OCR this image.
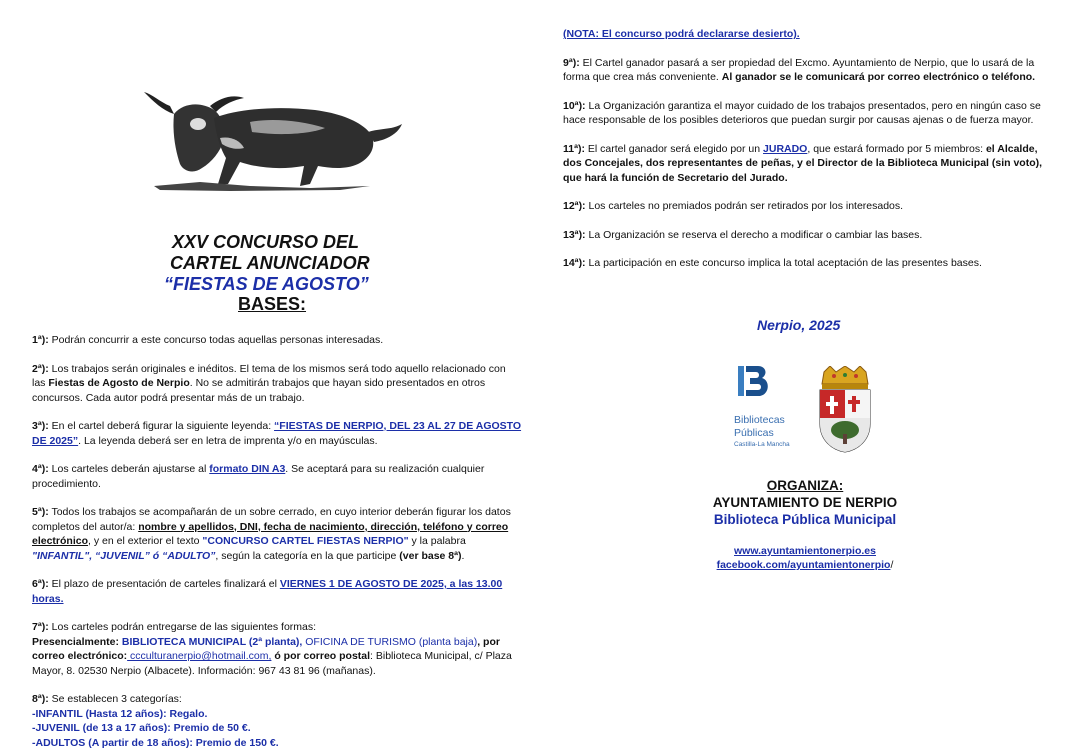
XXV CONCURSO DEL

CARTEL ANUNCIADOR

“FIESTAS DE AGOSTO”

BASES:

1ª): Podrán concurrir a este concurso todas aquellas personas interesadas.

2ª): Los trabajos serán originales e inéditos. El tema de los mismos será todo aquello relacionado con las Fiestas de Agosto de Nerpio. No se admitirán trabajos que hayan sido presentados en otros concursos. Cada autor podrá presentar más de un trabajo.

3ª): En el cartel deberá figurar la siguiente leyenda: “FIESTAS DE NERPIO, DEL 23 AL 27 DE AGOSTO DE 2025”. La leyenda deberá ser en letra de imprenta y/o en mayúsculas.

4ª): Los carteles deberán ajustarse al formato DIN A3. Se aceptará para su realización cualquier procedimiento.

5ª): Todos los trabajos se acompañarán de un sobre cerrado, en cuyo interior deberán figurar los datos completos del autor/a: nombre y apellidos, DNI, fecha de nacimiento, dirección, teléfono y correo electrónico, y en el exterior el texto "CONCURSO CARTEL FIESTAS NERPIO" y la palabra "INFANTIL", “JUVENIL” ó “ADULTO”, según la categoría en la que participe (ver base 8ª).

6ª): El plazo de presentación de carteles finalizará el VIERNES 1 DE AGOSTO DE 2025, a las 13.00 horas.

7ª): Los carteles podrán entregarse de las siguientes formas:
Presencialmente: BIBLIOTECA MUNICIPAL (2ª planta), OFICINA DE TURISMO (planta baja), por correo electrónico: ccculturanerpio@hotmail.com, ó por correo postal: Biblioteca Municipal, c/ Plaza Mayor, 8. 02530 Nerpio (Albacete). Información: 967 43 81 96 (mañanas).

8ª): Se establecen 3 categorías:
-INFANTIL (Hasta 12 años): Regalo.
-JUVENIL (de 13 a 17 años): Premio de 50 €.
-ADULTOS (A partir de 18 años): Premio de 150 €.

(NOTA: El concurso podrá declararse desierto).

9ª): El Cartel ganador pasará a ser propiedad del Excmo. Ayuntamiento de Nerpio, que lo usará de la forma que crea más conveniente. Al ganador se le comunicará por correo electrónico o teléfono.

10ª): La Organización garantiza el mayor cuidado de los trabajos presentados, pero en ningún caso se hace responsable de los posibles deterioros que puedan surgir por causas ajenas o de fuerza mayor.

11ª): El cartel ganador será elegido por un JURADO, que estará formado por 5 miembros: el Alcalde, dos Concejales, dos representantes de peñas, y el Director de la Biblioteca Municipal (sin voto), que hará la función de Secretario del Jurado.

12ª): Los carteles no premiados podrán ser retirados por los interesados.

13ª): La Organización se reserva el derecho a modificar o cambiar las bases.

14ª): La participación en este concurso implica la total aceptación de las presentes bases.

Nerpio, 2025
Bibliotecas
Públicas
Castilla-La Mancha

ORGANIZA:

AYUNTAMIENTO DE NERPIO

Biblioteca Pública Municipal

www.ayuntamientonerpio.es
facebook.com/ayuntamientonerpio/
